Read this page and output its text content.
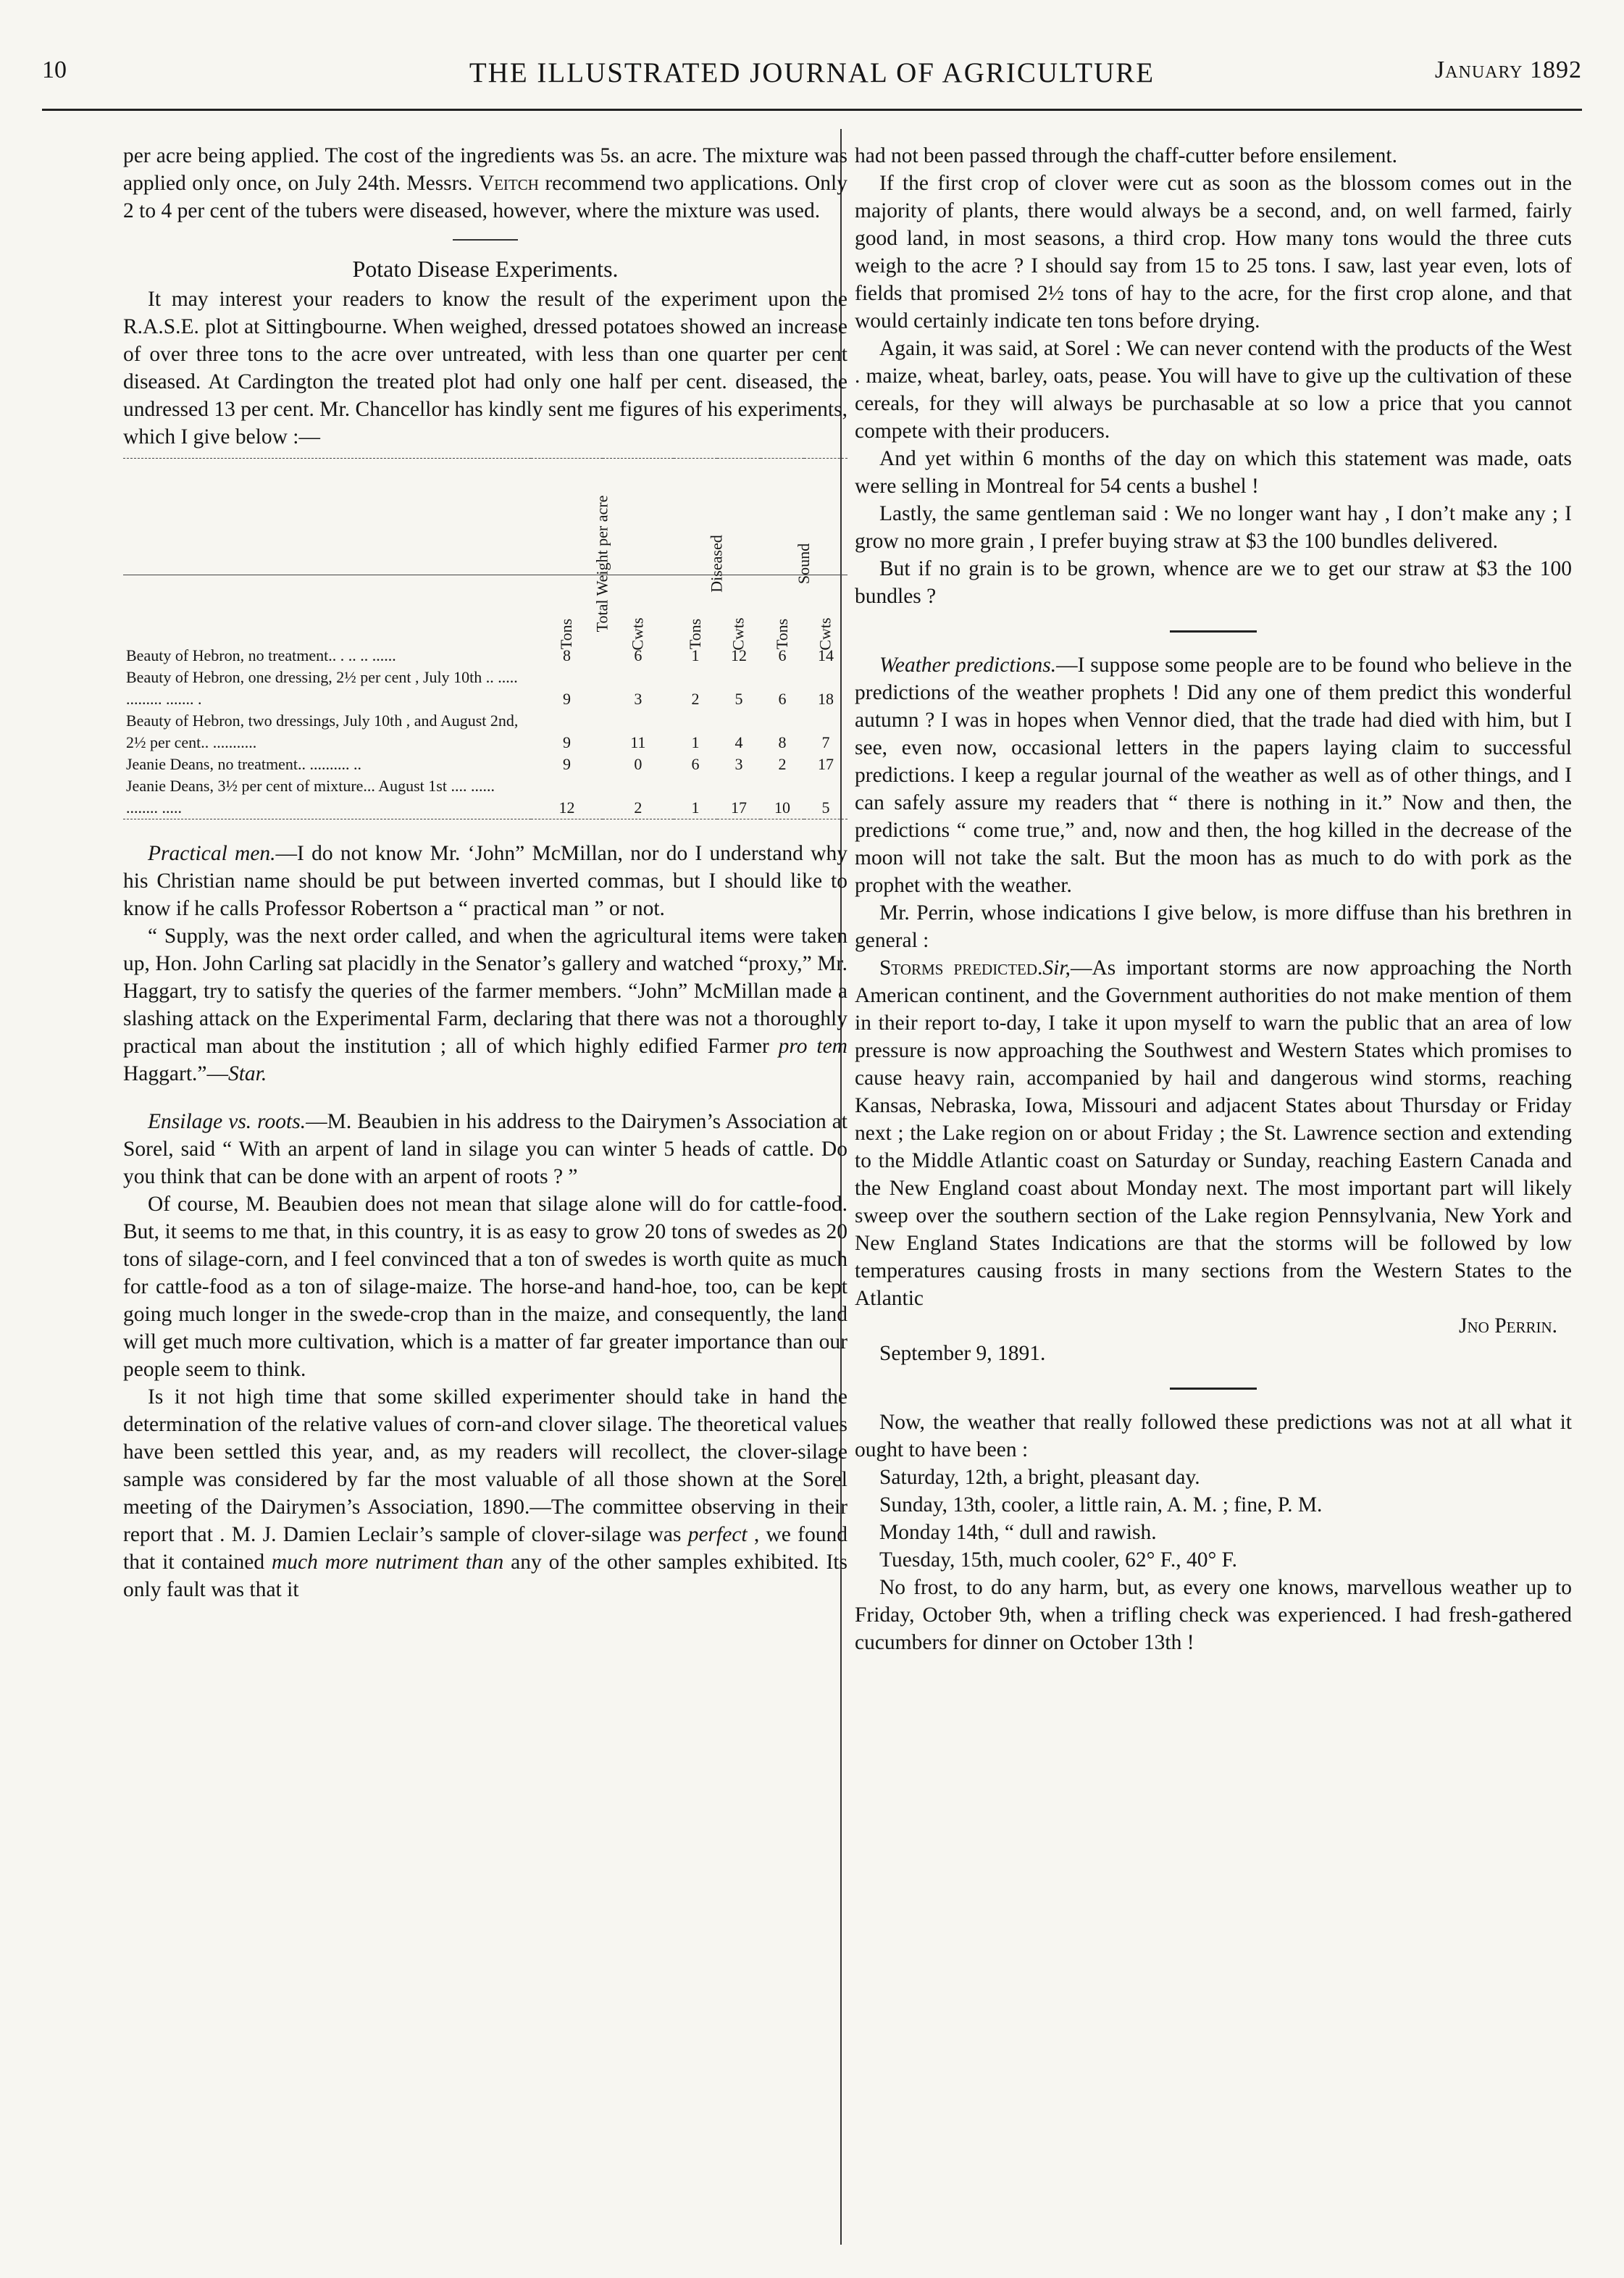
10	THE ILLUSTRATED JOURNAL OF AGRICULTURE	January 1892

per acre being applied. The cost of the ingredients was 5s. an acre. The mixture was applied only once, on July 24th. Messrs. Veitch recommend two applications. Only 2 to 4 per cent of the tubers were diseased, however, where the mixture was used.

Potato Disease Experiments.

It may interest your readers to know the result of the experiment upon the R.A.S.E. plot at Sittingbourne. When weighed, dressed potatoes showed an increase of over three tons to the acre over untreated, with less than one quarter per cent diseased. At Cardington the treated plot had only one half per cent. diseased, the undressed 13 per cent. Mr. Chancellor has kindly sent me figures of his experiments, which I give below :—

	Total Weight per acre		Diseased		Sound	
	Tons	Cwts	Tons	Cwts	Tons	Cwts
Beauty of Hebron, no treatment.. . .. .. ......	8	6	1	12	6	14
Beauty of Hebron, one dressing, 2½ per cent , July 10th .. ..... ......... ....... .	9	3	2	5	6	18
Beauty of Hebron, two dressings, July 10th , and August 2nd, 2½ per cent.. ...........	9	11	1	4	8	7
Jeanie Deans, no treatment.. .......... ..	9	0	6	3	2	17
Jeanie Deans, 3½ per cent of mixture... August 1st .... ...... ........ .....	12	2	1	17	10	5

Practical men.—I do not know Mr. ‘John” McMillan, nor do I understand why his Christian name should be put between inverted commas, but I should like to know if he calls Professor Robertson a “ practical man ” or not.

“ Supply, was the next order called, and when the agricultural items were taken up, Hon. John Carling sat placidly in the Senator’s gallery and watched “proxy,” Mr. Haggart, try to satisfy the queries of the farmer members. “John” McMillan made a slashing attack on the Experimental Farm, declaring that there was not a thoroughly practical man about the institution ; all of which highly edified Farmer pro tem Haggart.”—Star.

Ensilage vs. roots.—M. Beaubien in his address to the Dairymen’s Association at Sorel, said “ With an arpent of land in silage you can winter 5 heads of cattle. Do you think that can be done with an arpent of roots ? ”

Of course, M. Beaubien does not mean that silage alone will do for cattle-food. But, it seems to me that, in this country, it is as easy to grow 20 tons of swedes as 20 tons of silage-corn, and I feel convinced that a ton of swedes is worth quite as much for cattle-food as a ton of silage-maize. The horse-and hand-hoe, too, can be kept going much longer in the swede-crop than in the maize, and consequently, the land will get much more cultivation, which is a matter of far greater importance than our people seem to think.

Is it not high time that some skilled experimenter should take in hand the determination of the relative values of corn-and clover silage. The theoretical values have been settled this year, and, as my readers will recollect, the clover-silage sample was considered by far the most valuable of all those shown at the Sorel meeting of the Dairymen’s Association, 1890.—The committee observing in their report that . M. J. Damien Leclair’s sample of clover-silage was perfect , we found that it contained much more nutriment than any of the other samples exhibited. Its only fault was that it

had not been passed through the chaff-cutter before ensilement.

If the first crop of clover were cut as soon as the blossom comes out in the majority of plants, there would always be a second, and, on well farmed, fairly good land, in most seasons, a third crop. How many tons would the three cuts weigh to the acre ? I should say from 15 to 25 tons. I saw, last year even, lots of fields that promised 2½ tons of hay to the acre, for the first crop alone, and that would certainly indicate ten tons before drying.

Again, it was said, at Sorel : We can never contend with the products of the West . maize, wheat, barley, oats, pease. You will have to give up the cultivation of these cereals, for they will always be purchasable at so low a price that you cannot compete with their producers.

And yet within 6 months of the day on which this statement was made, oats were selling in Montreal for 54 cents a bushel !

Lastly, the same gentleman said : We no longer want hay , I don’t make any ; I grow no more grain , I prefer buying straw at $3 the 100 bundles delivered.

But if no grain is to be grown, whence are we to get our straw at $3 the 100 bundles ?

Weather predictions.—I suppose some people are to be found who believe in the predictions of the weather prophets ! Did any one of them predict this wonderful autumn ? I was in hopes when Vennor died, that the trade had died with him, but I see, even now, occasional letters in the papers laying claim to successful predictions. I keep a regular journal of the weather as well as of other things, and I can safely assure my readers that “ there is nothing in it.” Now and then, the predictions “ come true,” and, now and then, the hog killed in the decrease of the moon will not take the salt. But the moon has as much to do with pork as the prophet with the weather.

Mr. Perrin, whose indications I give below, is more diffuse than his brethren in general :

Storms predicted.Sir,—As important storms are now approaching the North American continent, and the Government authorities do not make mention of them in their report to-day, I take it upon myself to warn the public that an area of low pressure is now approaching the Southwest and Western States which promises to cause heavy rain, accompanied by hail and dangerous wind storms, reaching Kansas, Nebraska, Iowa, Missouri and adjacent States about Thursday or Friday next ; the Lake region on or about Friday ; the St. Lawrence section and extending to the Middle Atlantic coast on Saturday or Sunday, reaching Eastern Canada and the New England coast about Monday next. The most important part will likely sweep over the southern section of the Lake region Pennsylvania, New York and New England States Indications are that the storms will be followed by low temperatures causing frosts in many sections from the Western States to the Atlantic

Jno Perrin.

September 9, 1891.

Now, the weather that really followed these predictions was not at all what it ought to have been :

Saturday, 12th, a bright, pleasant day.

Sunday, 13th, cooler, a little rain, A. M. ; fine, P. M.

Monday 14th, “ dull and rawish.

Tuesday, 15th, much cooler, 62° F., 40° F.

No frost, to do any harm, but, as every one knows, marvellous weather up to Friday, October 9th, when a trifling check was experienced. I had fresh-gathered cucumbers for dinner on October 13th !
